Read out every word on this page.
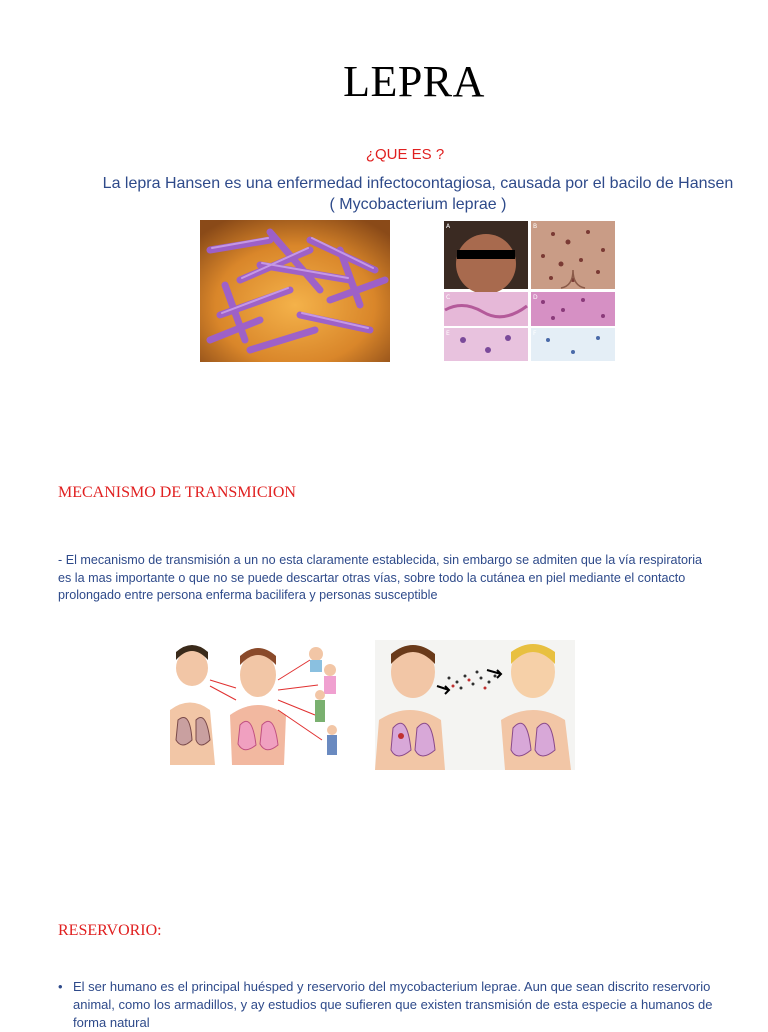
LEPRA
¿QUE ES ?
La lepra Hansen es una enfermedad infectocontagiosa, causada por el bacilo de Hansen ( Mycobacterium leprae )
A	B
C	D
E	F
MECANISMO DE TRANSMICION
- El mecanismo de transmisión a un no esta claramente establecida, sin embargo se admiten que la vía respiratoria es la mas importante o que no se puede descartar otras vías, sobre todo la cutánea en piel mediante el contacto prolongado entre persona enferma bacilifera y personas susceptible
RESERVORIO:
• El ser humano es el principal huésped y reservorio del mycobacterium leprae. Aun que sean discrito reservorio animal, como los armadillos, y ay estudios que sufieren que existen transmisión de esta especie a humanos de forma natural
